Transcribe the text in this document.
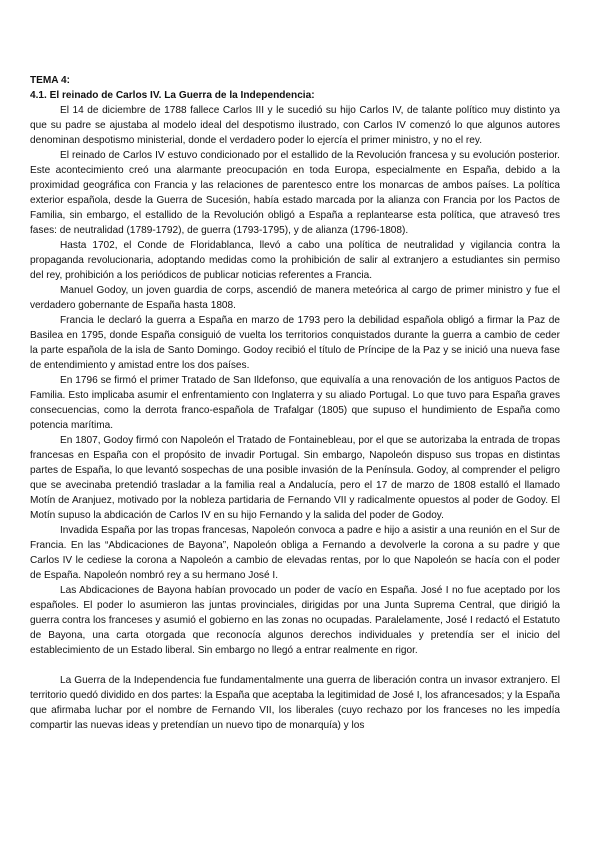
TEMA 4:

4.1. El reinado de Carlos IV. La Guerra de la Independencia:

El 14 de diciembre de 1788 fallece Carlos III y le sucedió su hijo Carlos IV, de talante político muy distinto ya que su padre se ajustaba al modelo ideal del despotismo ilustrado, con Carlos IV comenzó lo que algunos autores denominan despotismo ministerial, donde el verdadero poder lo ejercía el primer ministro, y no el rey.

El reinado de Carlos IV estuvo condicionado por el estallido de la Revolución francesa y su evolución posterior. Este acontecimiento creó una alarmante preocupación en toda Europa, especialmente en España, debido a la proximidad geográfica con Francia y las relaciones de parentesco entre los monarcas de ambos países. La política exterior española, desde la Guerra de Sucesión, había estado marcada por la alianza con Francia por los Pactos de Familia, sin embargo, el estallido de la Revolución obligó a España a replantearse esta política, que atravesó tres fases: de neutralidad (1789-1792), de guerra (1793-1795), y de alianza (1796-1808).

Hasta 1702, el Conde de Floridablanca, llevó a cabo una política de neutralidad y vigilancia contra la propaganda revolucionaria, adoptando medidas como la prohibición de salir al extranjero a estudiantes sin permiso del rey, prohibición a los periódicos de publicar noticias referentes a Francia.

Manuel Godoy, un joven guardia de corps, ascendió de manera meteórica al cargo de primer ministro y fue el verdadero gobernante de España hasta 1808.

Francia le declaró la guerra a España en marzo de 1793 pero la debilidad española obligó a firmar la Paz de Basilea en 1795, donde España consiguió de vuelta los territorios conquistados durante la guerra a cambio de ceder la parte española de la isla de Santo Domingo. Godoy recibió el título de Príncipe de la Paz y se inició una nueva fase de entendimiento y amistad entre los dos países.

En 1796 se firmó el primer Tratado de San Ildefonso, que equivalía a una renovación de los antiguos Pactos de Familia. Esto implicaba asumir el enfrentamiento con Inglaterra y su aliado Portugal. Lo que tuvo para España graves consecuencias, como la derrota franco-española de Trafalgar (1805) que supuso el hundimiento de España como potencia marítima.

En 1807, Godoy firmó con Napoleón el Tratado de Fontainebleau, por el que se autorizaba la entrada de tropas francesas en España con el propósito de invadir Portugal. Sin embargo, Napoleón dispuso sus tropas en distintas partes de España, lo que levantó sospechas de una posible invasión de la Península. Godoy, al comprender el peligro que se avecinaba pretendió trasladar a la familia real a Andalucía, pero el 17 de marzo de 1808 estalló el llamado Motín de Aranjuez, motivado por la nobleza partidaria de Fernando VII y radicalmente opuestos al poder de Godoy. El Motín supuso la abdicación de Carlos IV en su hijo Fernando y la salida del poder de Godoy.

Invadida España por las tropas francesas, Napoleón convoca a padre e hijo a asistir a una reunión en el Sur de Francia. En las “Abdicaciones de Bayona”, Napoleón obliga a Fernando a devolverle la corona a su padre y que Carlos IV le cediese la corona a Napoleón a cambio de elevadas rentas, por lo que Napoleón se hacía con el poder de España. Napoleón nombró rey a su hermano José I.

Las Abdicaciones de Bayona habían provocado un poder de vacío en España. José I no fue aceptado por los españoles. El poder lo asumieron las juntas provinciales, dirigidas por una Junta Suprema Central, que dirigió la guerra contra los franceses y asumió el gobierno en las zonas no ocupadas. Paralelamente, José I redactó el Estatuto de Bayona, una carta otorgada que reconocía algunos derechos individuales y pretendía ser el inicio del establecimiento de un Estado liberal. Sin embargo no llegó a entrar realmente en rigor.

La Guerra de la Independencia fue fundamentalmente una guerra de liberación contra un invasor extranjero. El territorio quedó dividido en dos partes: la España que aceptaba la legitimidad de José I, los afrancesados; y la España que afirmaba luchar por el nombre de Fernando VII, los liberales (cuyo rechazo por los franceses no les impedía compartir las nuevas ideas y pretendían un nuevo tipo de monarquía) y los
